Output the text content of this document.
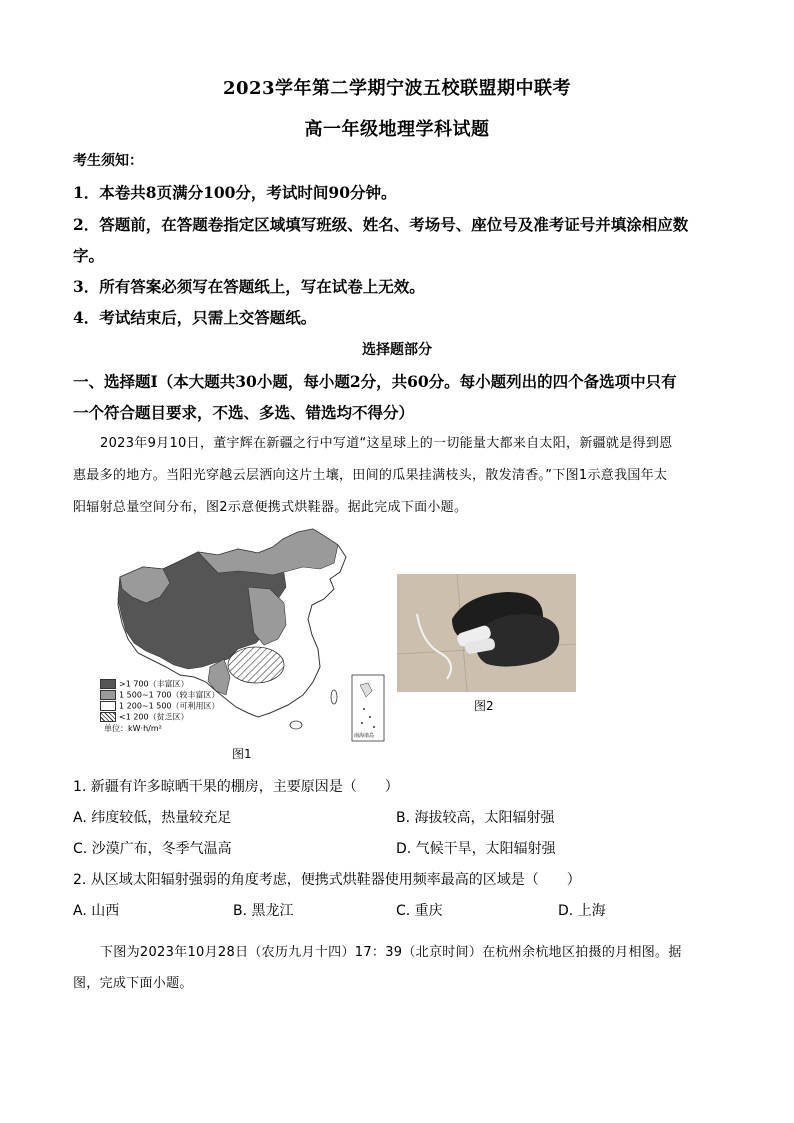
2023学年第二学期宁波五校联盟期中联考
高一年级地理学科试题
考生须知：
1．本卷共8页满分100分，考试时间90分钟。
2．答题前，在答题卷指定区域填写班级、姓名、考场号、座位号及准考证号并填涂相应数
字。
3．所有答案必须写在答题纸上，写在试卷上无效。
4．考试结束后，只需上交答题纸。
选择题部分
一、选择题Ⅰ（本大题共30小题，每小题2分，共60分。每小题列出的四个备选项中只有
一个符合题目要求，不选、多选、错选均不得分）
2023年9月10日，董宇辉在新疆之行中写道“这星球上的一切能量大都来自太阳，新疆就是得到恩
惠最多的地方。当阳光穿越云层洒向这片土壤，田间的瓜果挂满枝头，散发清香。”下图1示意我国年太
阳辐射总量空间分布，图2示意便携式烘鞋器。据此完成下面小题。
南海诸岛
>1 700（丰富区）
1 500~1 700（较丰富区）
1 200~1 500（可利用区）
<1 200（贫乏区）
单位：kW·h/m²
图1
图2
1. 新疆有许多晾晒干果的棚房，主要原因是（　　）
A. 纬度较低，热量较充足	B. 海拔较高，太阳辐射强
C. 沙漠广布，冬季气温高	D. 气候干旱，太阳辐射强
2. 从区域太阳辐射强弱的角度考虑，便携式烘鞋器使用频率最高的区域是（　　）
A. 山西	B. 黑龙江	C. 重庆	D. 上海
下图为2023年10月28日（农历九月十四）17：39（北京时间）在杭州余杭地区拍摄的月相图。据
图，完成下面小题。
